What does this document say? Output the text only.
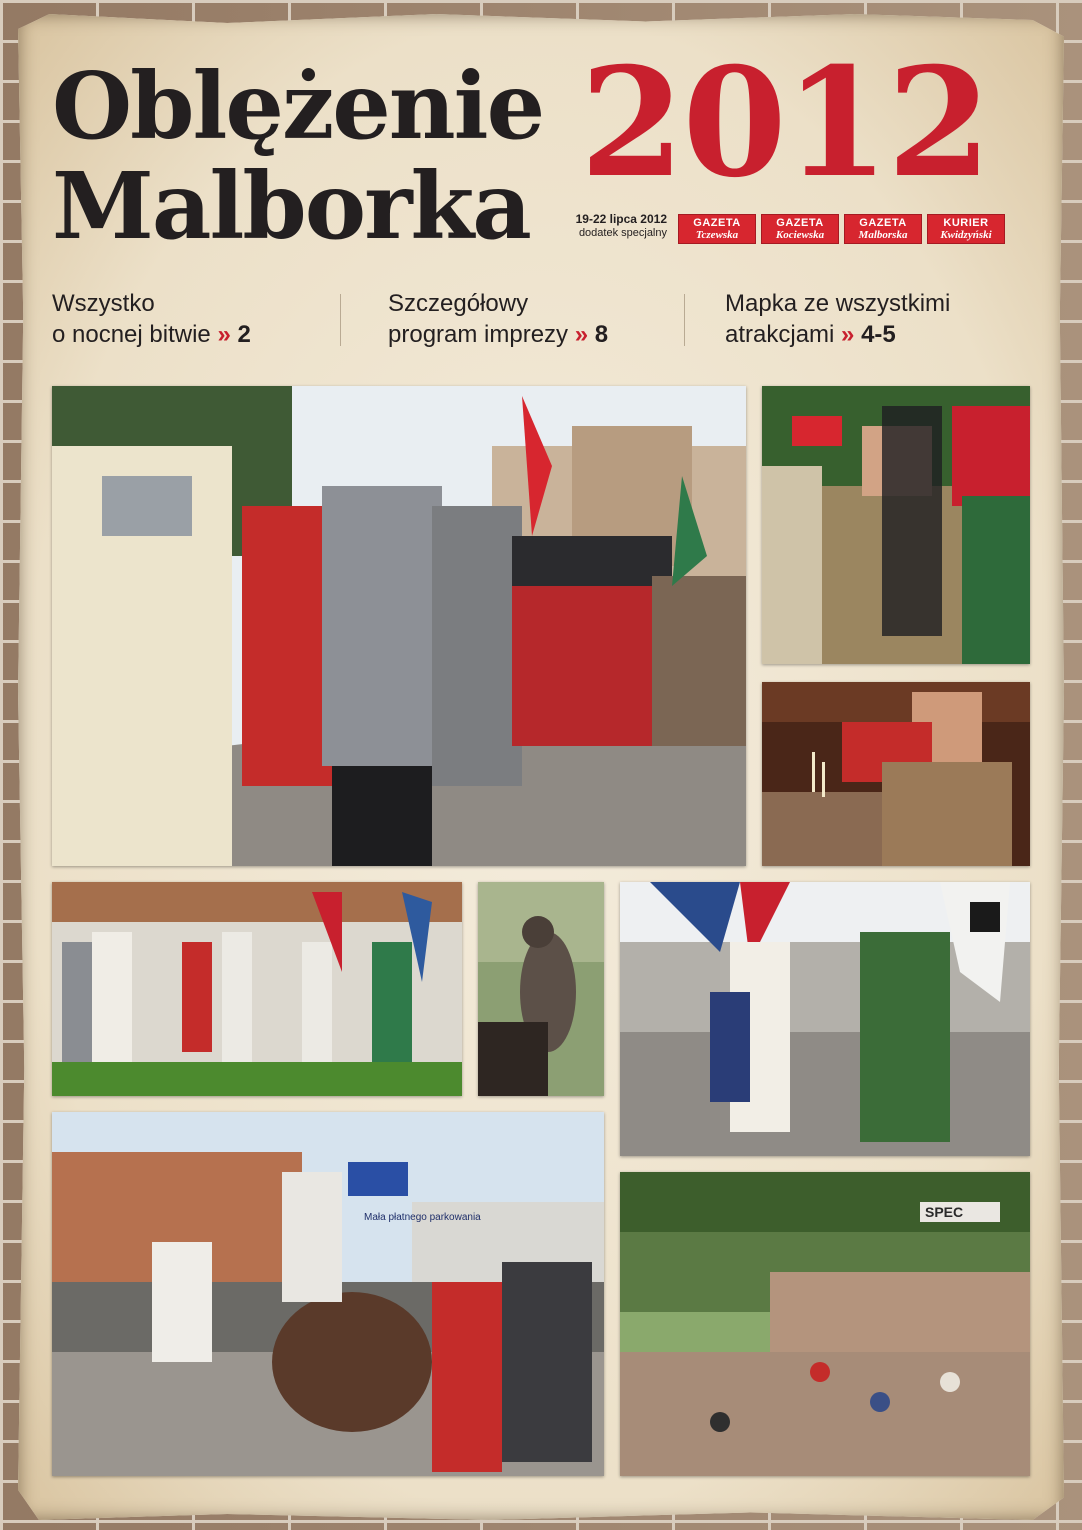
Oblężenie
Malborka 2012
19-22 lipca 2012
dodatek specjalny
GAZETA
Tczewska
GAZETA
Kociewska
GAZETA
Malborska
KURIER
Kwidzyński
Wszystko
o nocnej bitwie » 2
Szczegółowy
program imprezy » 8
Mapka ze wszystkimi
atrakcjami » 4-5
Mała płatnego parkowania	SPEC
